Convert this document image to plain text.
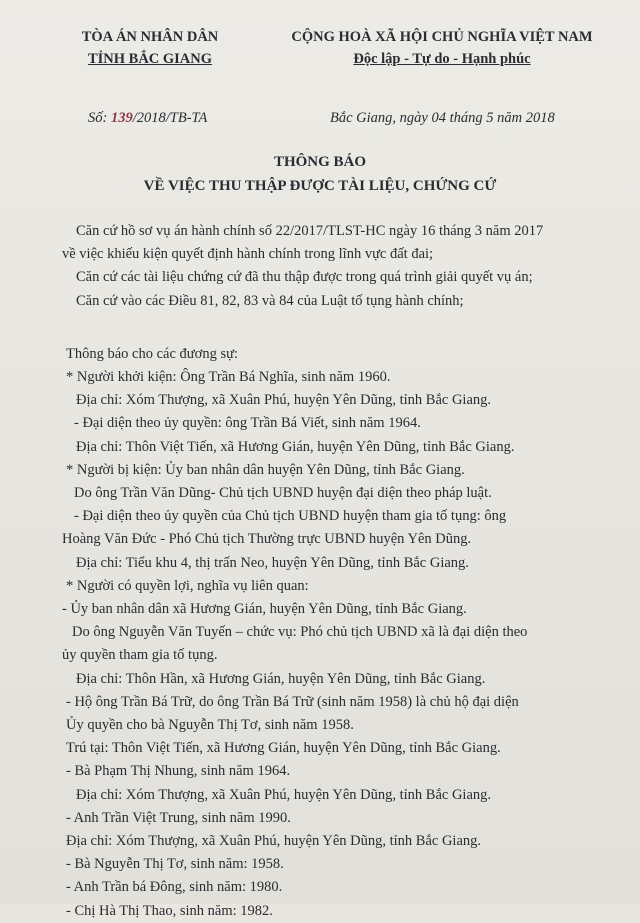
TÒA ÁN NHÂN DÂN
TỈNH BẮC GIANG
CỘNG HOÀ XÃ HỘI CHỦ NGHĨA VIỆT NAM
Độc lập - Tự do - Hạnh phúc
Số: 139/2018/TB-TA	Bắc Giang, ngày 04 tháng 5 năm 2018
THÔNG BÁO
VỀ VIỆC THU THẬP ĐƯỢC TÀI LIỆU, CHỨNG CỨ

Căn cứ hồ sơ vụ án hành chính số 22/2017/TLST-HC ngày 16 tháng 3 năm 2017

về việc khiếu kiện quyết định hành chính trong lĩnh vực đất đai;

Căn cứ các tài liệu chứng cứ đã thu thập được trong quá trình giải quyết vụ án;

Căn cứ vào các Điều 81, 82, 83 và 84 của Luật tố tụng hành chính;

Thông báo cho các đương sự:

* Người khởi kiện: Ông Trần Bá Nghĩa, sinh năm 1960.

Địa chỉ: Xóm Thượng, xã Xuân Phú, huyện Yên Dũng, tỉnh Bắc Giang.

- Đại diện theo ủy quyền: ông Trần Bá Viết, sinh năm 1964.

Địa chỉ: Thôn Việt Tiến, xã Hương Gián, huyện Yên Dũng, tỉnh Bắc Giang.

* Người bị kiện: Ủy ban nhân dân huyện Yên Dũng, tỉnh Bắc Giang.

Do ông Trần Văn Dũng- Chủ tịch UBND huyện đại diện theo pháp luật.

- Đại diện theo ủy quyền của Chủ tịch UBND huyện tham gia tố tụng: ông

Hoàng Văn Đức - Phó Chủ tịch Thường trực UBND huyện Yên Dũng.

Địa chỉ: Tiểu khu 4, thị trấn Neo, huyện Yên Dũng, tỉnh Bắc Giang.

* Người có quyền lợi, nghĩa vụ liên quan:

- Ủy ban nhân dân xã Hương Gián, huyện Yên Dũng, tỉnh Bắc Giang.

Do ông Nguyễn Văn Tuyến – chức vụ: Phó chủ tịch UBND xã là đại diện theo

ủy quyền tham gia tố tụng.

Địa chỉ: Thôn Hần, xã Hương Gián, huyện Yên Dũng, tỉnh Bắc Giang.

- Hộ ông Trần Bá Trữ, do ông Trần Bá Trữ (sinh năm 1958) là chủ hộ đại diện

Ủy quyền cho bà Nguyễn Thị Tơ, sinh năm 1958.

Trú tại: Thôn Việt Tiến, xã Hương Gián, huyện Yên Dũng, tỉnh Bắc Giang.

- Bà Phạm Thị Nhung, sinh năm 1964.

Địa chỉ: Xóm Thượng, xã Xuân Phú, huyện Yên Dũng, tỉnh Bắc Giang.

- Anh Trần Việt Trung, sinh năm 1990.

Địa chỉ: Xóm Thượng, xã Xuân Phú, huyện Yên Dũng, tỉnh Bắc Giang.

- Bà Nguyễn Thị Tơ, sinh năm: 1958.

- Anh Trần bá Đông, sinh năm: 1980.

- Chị Hà Thị Thao, sinh năm: 1982.
